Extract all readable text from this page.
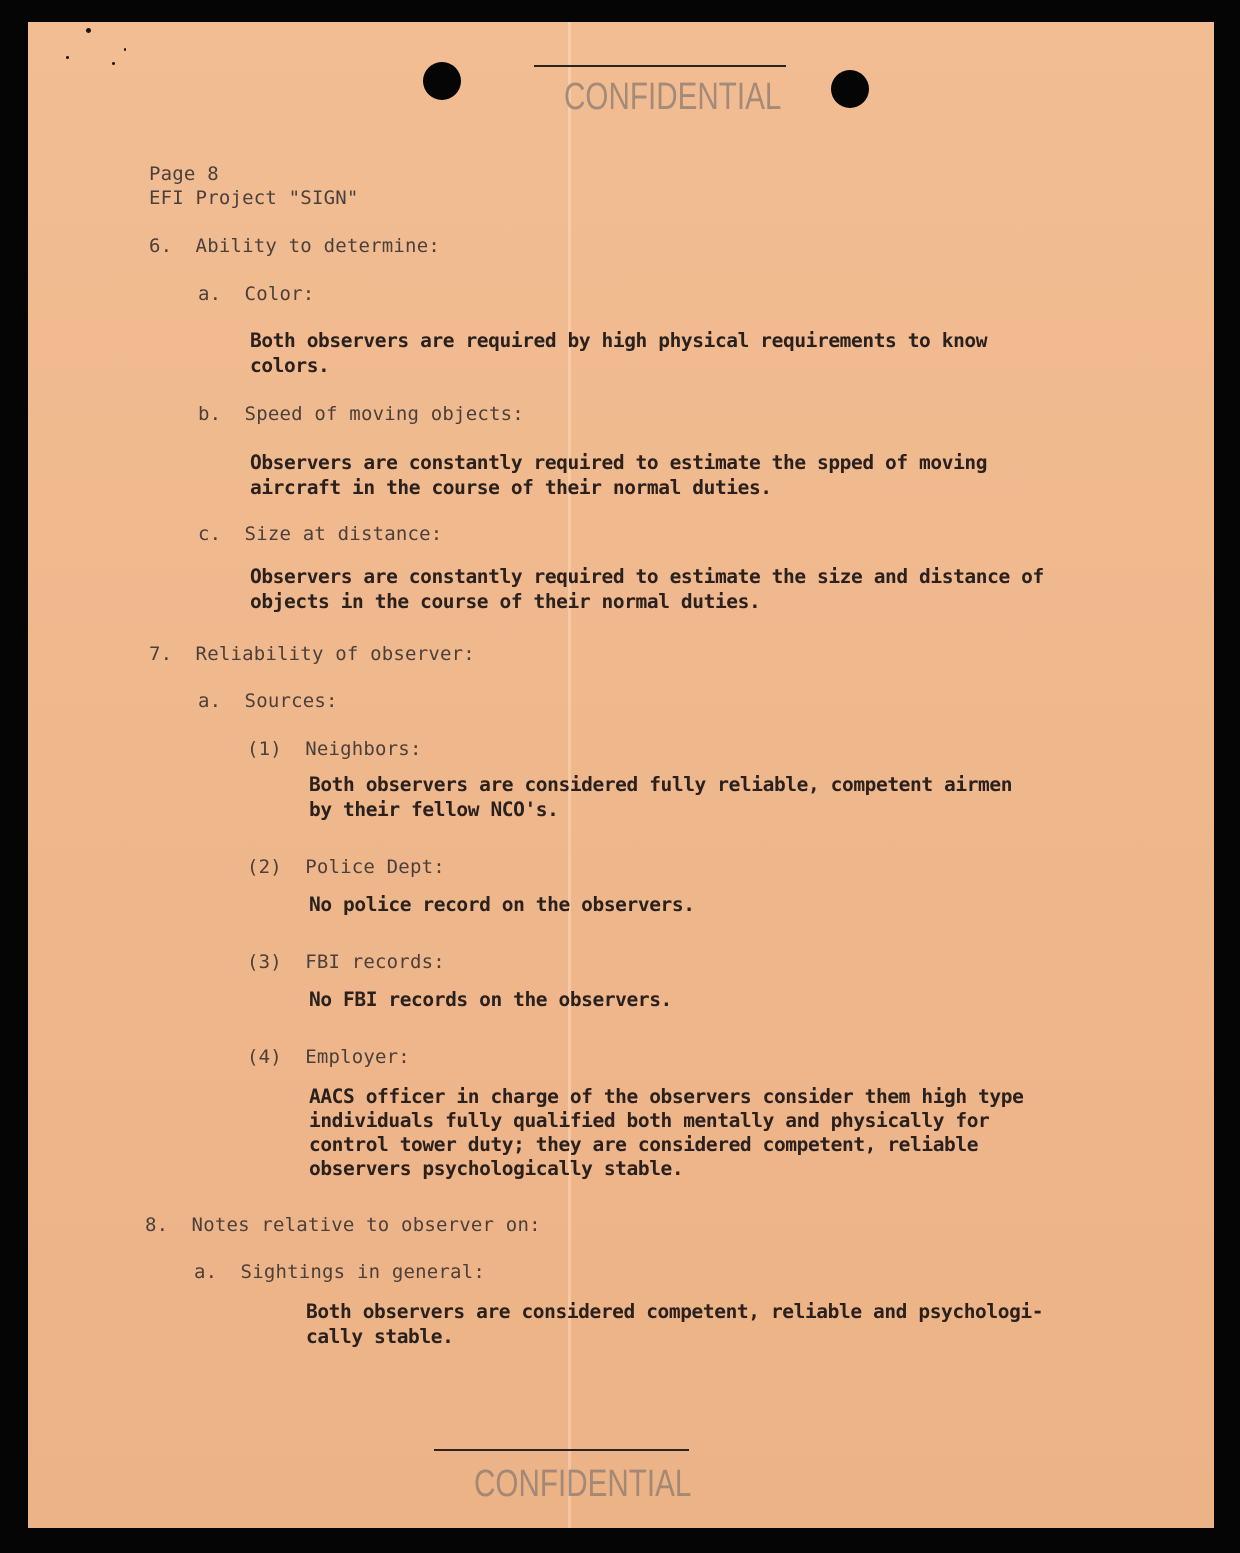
CONFIDENTIAL

Page 8

EFI Project "SIGN"

6.  Ability to determine:

a.  Color:

Both observers are required by high physical requirements to know

colors.

b.  Speed of moving objects:

Observers are constantly required to estimate the spped of moving

aircraft in the course of their normal duties.

c.  Size at distance:

Observers are constantly required to estimate the size and distance of

objects in the course of their normal duties.

7.  Reliability of observer:

a.  Sources:

(1)  Neighbors:

Both observers are considered fully reliable, competent airmen

by their fellow NCO's.

(2)  Police Dept:

No police record on the observers.

(3)  FBI records:

No FBI records on the observers.

(4)  Employer:

AACS officer in charge of the observers consider them high type

individuals fully qualified both mentally and physically for

control tower duty; they are considered competent, reliable

observers psychologically stable.

8.  Notes relative to observer on:

a.  Sightings in general:

Both observers are considered competent, reliable and psychologi-

cally stable.

CONFIDENTIAL
